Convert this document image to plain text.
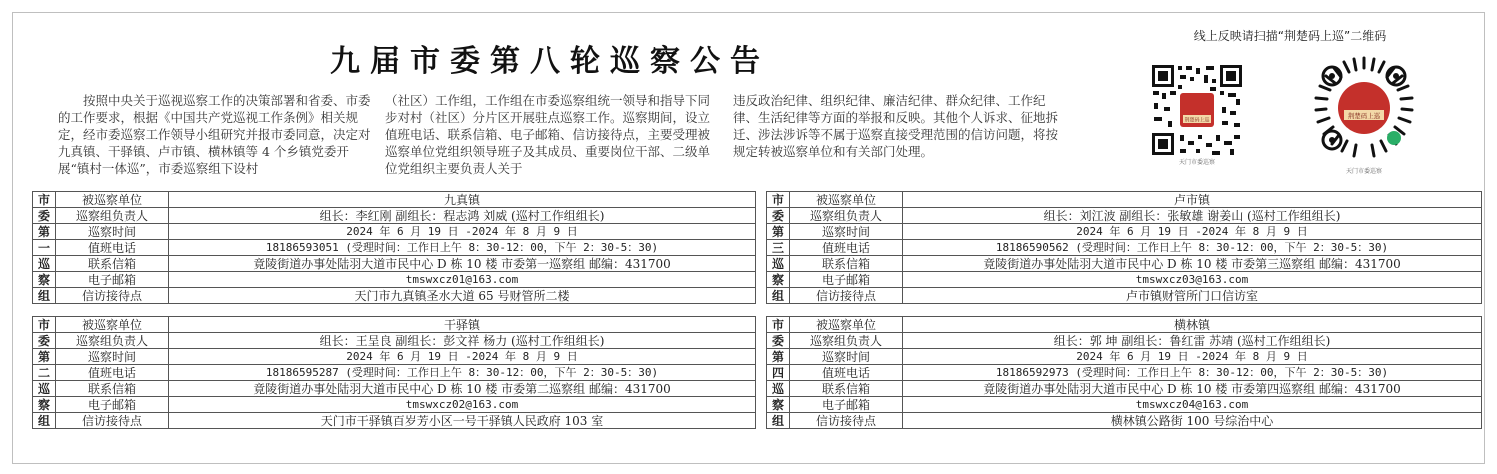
九届市委第八轮巡察公告
按照中央关于巡视巡察工作的决策部署和省委、市委的工作要求，根据《中国共产党巡视工作条例》相关规定，经市委巡察工作领导小组研究并报市委同意，决定对九真镇、干驿镇、卢市镇、横林镇等 4 个乡镇党委开展“镇村一体巡”，市委巡察组下设村
（社区）工作组，工作组在市委巡察组统一领导和指导下同步对村（社区）分片区开展驻点巡察工作。巡察期间，设立值班电话、联系信箱、电子邮箱、信访接待点，主要受理被巡察单位党组织领导班子及其成员、重要岗位干部、二级单位党组织主要负责人关于
违反政治纪律、组织纪律、廉洁纪律、群众纪律、工作纪律、生活纪律等方面的举报和反映。其他个人诉求、征地拆迁、涉法涉诉等不属于巡察直接受理范围的信访问题，将按规定转被巡察单位和有关部门处理。
线上反映请扫描“荆楚码上巡”二维码
荆楚码上巡
天门市委巡察
荆楚码上巡
天门市委巡察
市	被巡察单位	九真镇
委	巡察组负责人	组长：李红刚 副组长：程志鸿 刘威 (巡村工作组组长)
第	巡察时间	2024 年 6 月 19 日 -2024 年 8 月 9 日
一	值班电话	18186593051 (受理时间：工作日上午 8：30-12：00，下午 2：30-5：30)
巡	联系信箱	竟陵街道办事处陆羽大道市民中心 D 栋 10 楼 市委第一巡察组 邮编：431700
察	电子邮箱	tmswxcz01@163.com
组	信访接待点	天门市九真镇圣水大道 65 号财管所二楼
市	被巡察单位	干驿镇
委	巡察组负责人	组长：王呈良 副组长：彭文祥 杨力 (巡村工作组组长)
第	巡察时间	2024 年 6 月 19 日 -2024 年 8 月 9 日
二	值班电话	18186595287 (受理时间：工作日上午 8：30-12：00，下午 2：30-5：30)
巡	联系信箱	竟陵街道办事处陆羽大道市民中心 D 栋 10 楼 市委第二巡察组 邮编：431700
察	电子邮箱	tmswxcz02@163.com
组	信访接待点	天门市干驿镇百岁芳小区一号干驿镇人民政府 103 室
市	被巡察单位	卢市镇
委	巡察组负责人	组长：刘江波 副组长：张敏雄 谢姜山 (巡村工作组组长)
第	巡察时间	2024 年 6 月 19 日 -2024 年 8 月 9 日
三	值班电话	18186590562 (受理时间：工作日上午 8：30-12：00，下午 2：30-5：30)
巡	联系信箱	竟陵街道办事处陆羽大道市民中心 D 栋 10 楼 市委第三巡察组 邮编：431700
察	电子邮箱	tmswxcz03@163.com
组	信访接待点	卢市镇财管所门口信访室
市	被巡察单位	横林镇
委	巡察组负责人	组长：郭 坤 副组长：鲁红雷 苏靖 (巡村工作组组长)
第	巡察时间	2024 年 6 月 19 日 -2024 年 8 月 9 日
四	值班电话	18186592973 (受理时间：工作日上午 8：30-12：00，下午 2：30-5：30)
巡	联系信箱	竟陵街道办事处陆羽大道市民中心 D 栋 10 楼 市委第四巡察组 邮编：431700
察	电子邮箱	tmswxcz04@163.com
组	信访接待点	横林镇公路街 100 号综治中心
